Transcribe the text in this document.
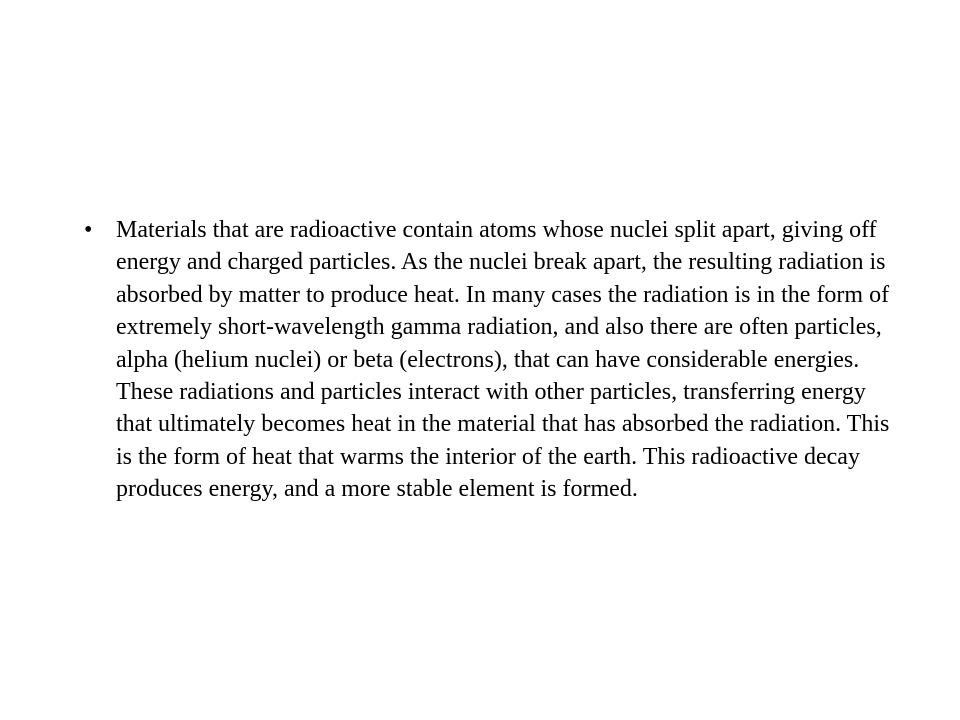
• Materials that are radioactive contain atoms whose nuclei split apart, giving off energy and charged particles. As the nuclei break apart, the resulting radiation is absorbed by matter to produce heat. In many cases the radiation is in the form of extremely short-wavelength gamma radiation, and also there are often particles, alpha (helium nuclei) or beta (electrons), that can have considerable energies. These radiations and particles interact with other particles, transferring energy that ultimately becomes heat in the material that has absorbed the radiation. This is the form of heat that warms the interior of the earth. This radioactive decay produces energy, and a more stable element is formed.
